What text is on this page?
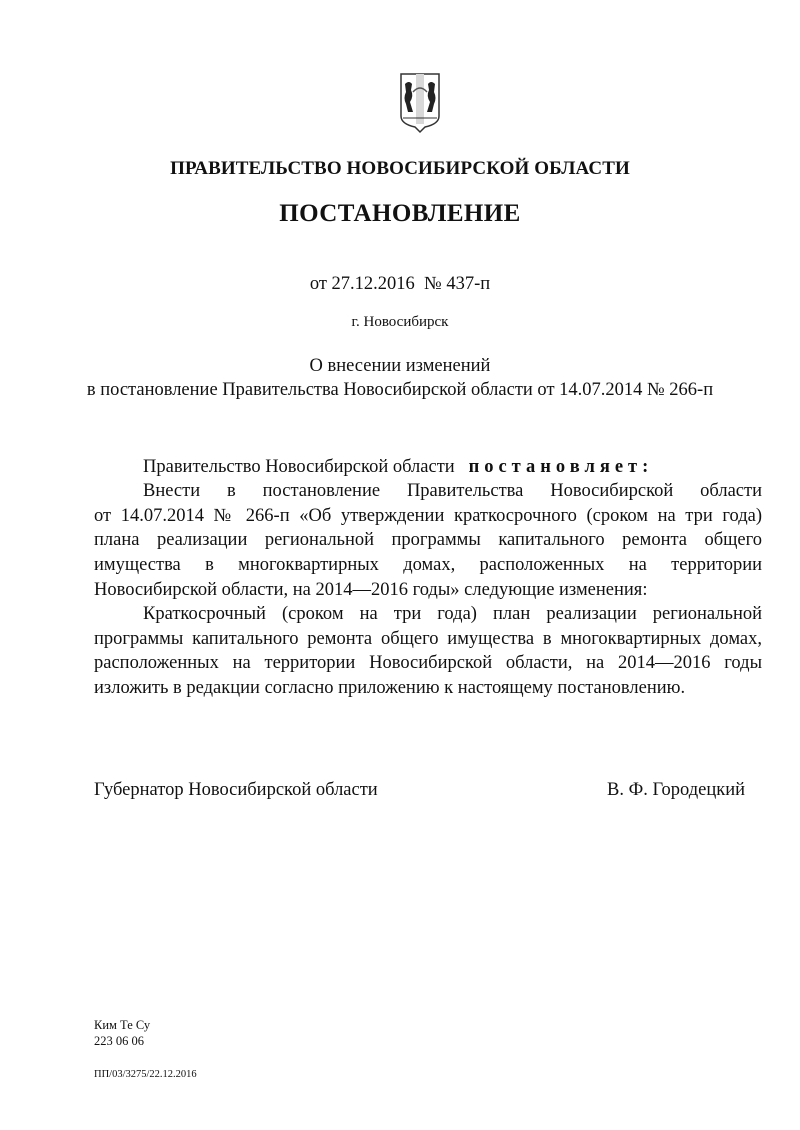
ПРАВИТЕЛЬСТВО НОВОСИБИРСКОЙ ОБЛАСТИ
ПОСТАНОВЛЕНИЕ
от 27.12.2016  № 437-п
г. Новосибирск
О внесении изменений
в постановление Правительства Новосибирской области от 14.07.2014 № 266-п
Правительство Новосибирской области постановляет:
Внести в постановление Правительства Новосибирской области
от 14.07.2014 № 266-п «Об утверждении краткосрочного (сроком на три года)
плана реализации региональной программы капитального ремонта общего
имущества в многоквартирных домах, расположенных на территории
Новосибирской области, на 2014—2016 годы» следующие изменения:
Краткосрочный (сроком на три года) план реализации региональной
программы капитального ремонта общего имущества в многоквартирных домах,
расположенных на территории Новосибирской области, на 2014—2016 годы
изложить в редакции согласно приложению к настоящему постановлению.
Губернатор Новосибирской области	В. Ф. Городецкий
Ким Те Су
223 06 06
ПП/03/3275/22.12.2016
